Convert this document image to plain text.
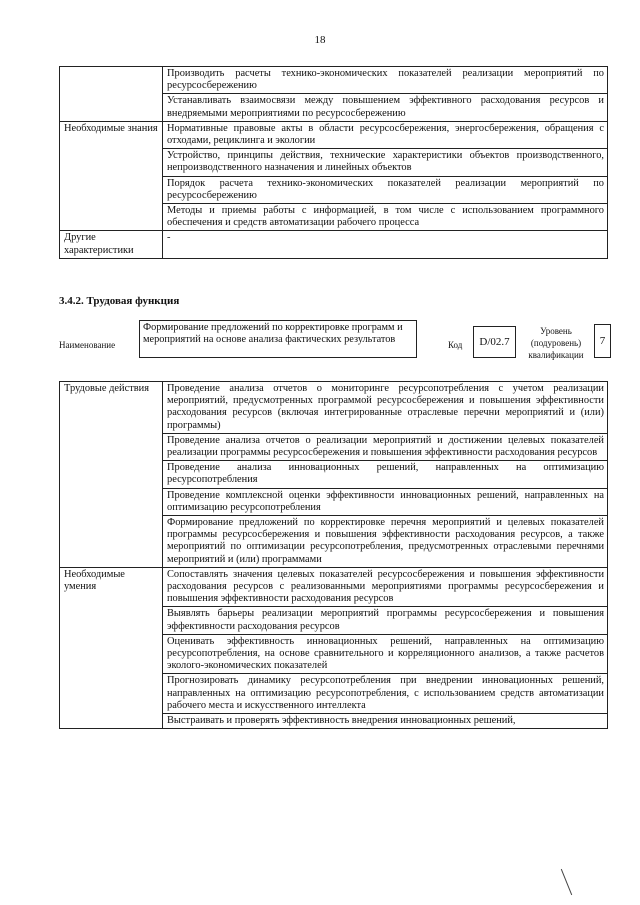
18
	Производить расчеты технико-экономических показателей реализации мероприятий по ресурсосбережению
	Устанавливать взаимосвязи между повышением эффективного расходования ресурсов и внедряемыми мероприятиями по ресурсосбережению
Необходимые знания	Нормативные правовые акты в области ресурсосбережения, энергосбережения, обращения с отходами, рециклинга и экологии
	Устройство, принципы действия, технические характеристики объектов производственного, непроизводственного назначения и линейных объектов
	Порядок расчета технико-экономических показателей реализации мероприятий по ресурсосбережению
	Методы и приемы работы с информацией, в том числе с использованием программного обеспечения и средств автоматизации рабочего процесса
Другие характеристики	-
3.4.2. Трудовая функция
Наименование
Формирование предложений по корректировке программ и мероприятий на основе анализа фактических результатов	Код	D/02.7
Уровень (подуровень) квалификации
7
Трудовые действия	Проведение анализа отчетов о мониторинге ресурсопотребления с учетом реализации мероприятий, предусмотренных программой ресурсосбережения и повышения эффективности расходования ресурсов (включая интегрированные отраслевые перечни мероприятий и (или) программы)
	Проведение анализа отчетов о реализации мероприятий и достижении целевых показателей реализации программы ресурсосбережения и повышения эффективности расходования ресурсов
	Проведение анализа инновационных решений, направленных на оптимизацию ресурсопотребления
	Проведение комплексной оценки эффективности инновационных решений, направленных на оптимизацию ресурсопотребления
	Формирование предложений по корректировке перечня мероприятий и целевых показателей программы ресурсосбережения и повышения эффективности расходования ресурсов, а также мероприятий по оптимизации ресурсопотребления, предусмотренных отраслевыми перечнями мероприятий и (или) программами
Необходимые умения	Сопоставлять значения целевых показателей ресурсосбережения и повышения эффективности расходования ресурсов с реализованными мероприятиями программы ресурсосбережения и повышения эффективности расходования ресурсов
	Выявлять барьеры реализации мероприятий программы ресурсосбережения и повышения эффективности расходования ресурсов
	Оценивать эффективность инновационных решений, направленных на оптимизацию ресурсопотребления, на основе сравнительного и корреляционного анализов, а также расчетов эколого-экономических показателей
	Прогнозировать динамику ресурсопотребления при внедрении инновационных решений, направленных на оптимизацию ресурсопотребления, с использованием средств автоматизации рабочего места и искусственного интеллекта
	Выстраивать и проверять эффективность внедрения инновационных решений,
